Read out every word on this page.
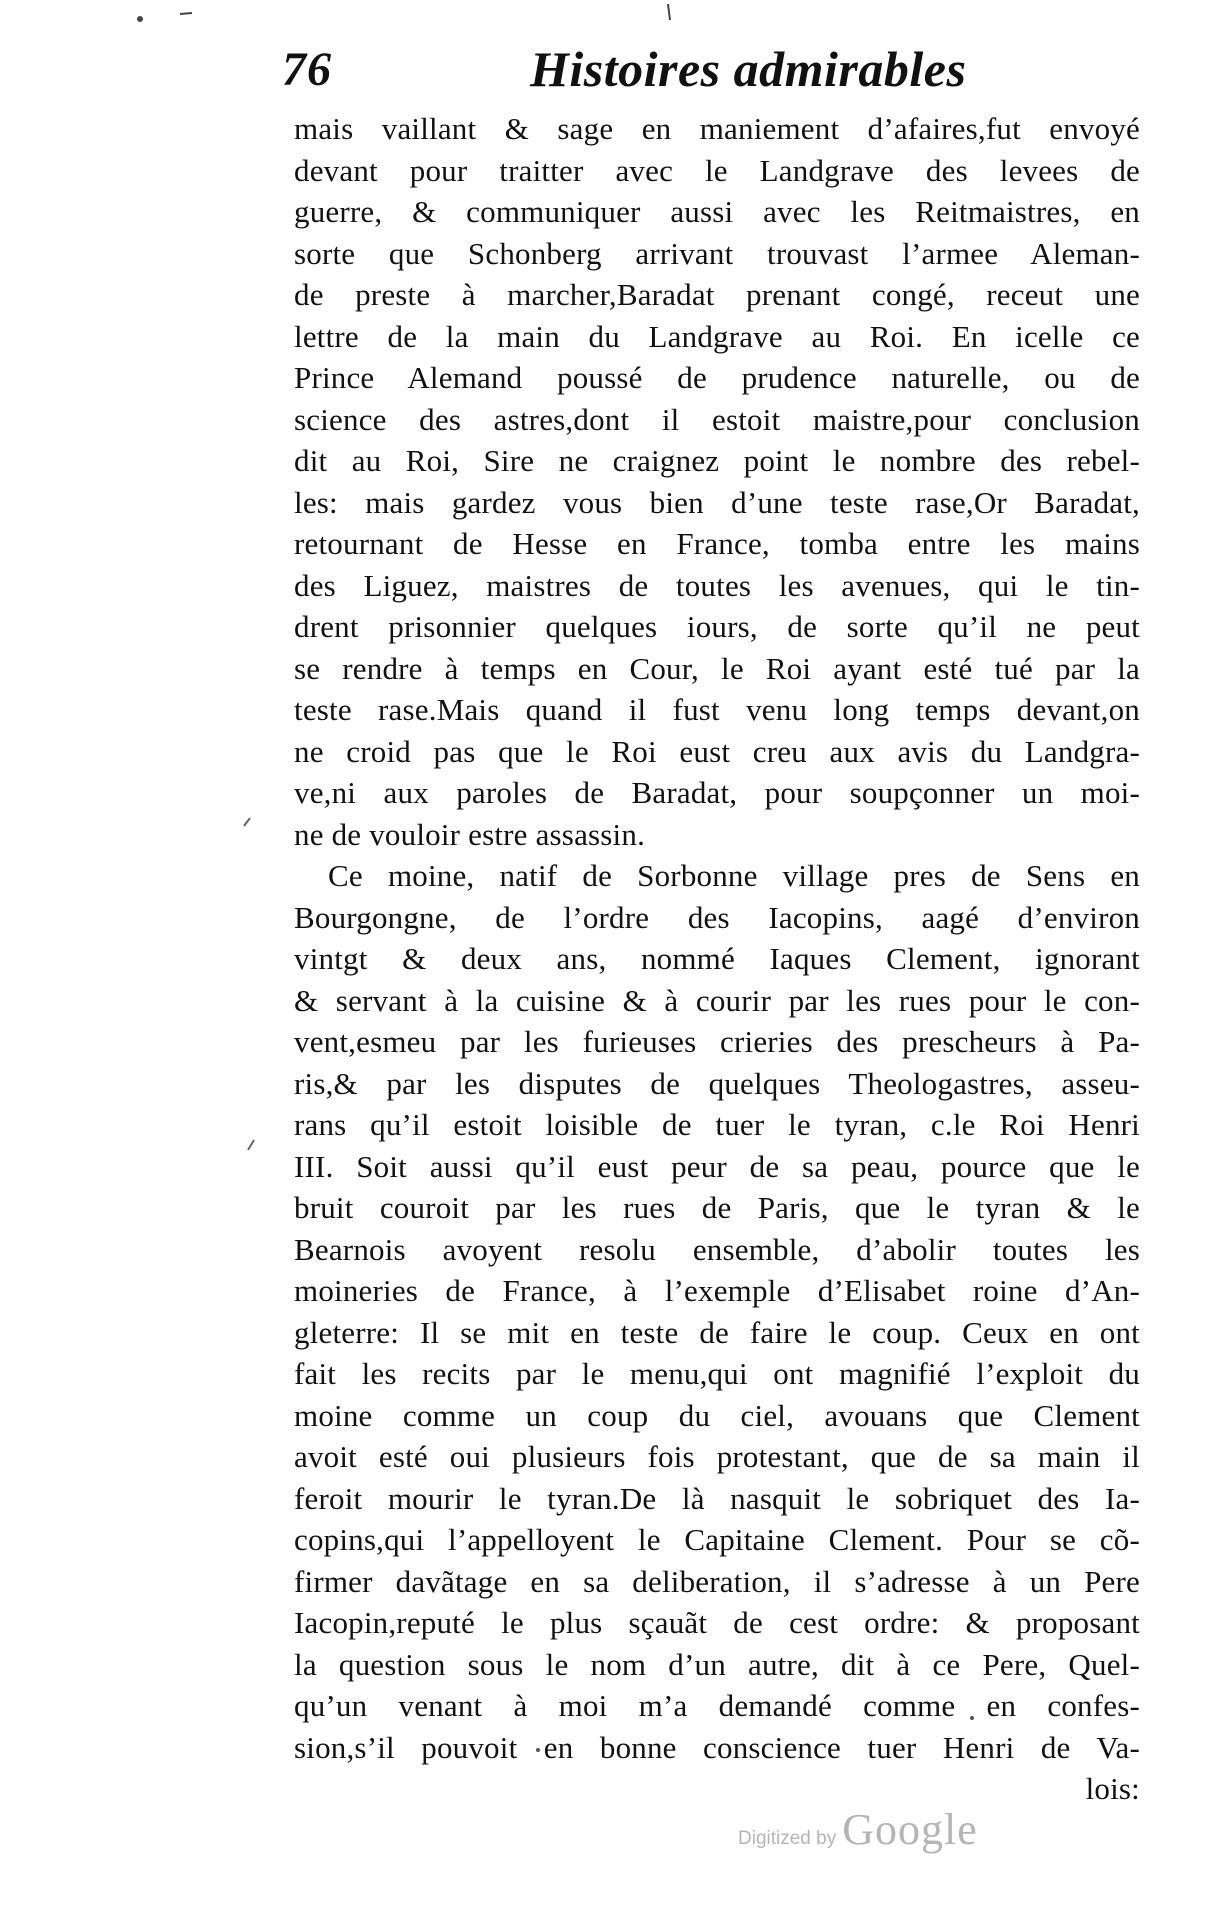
76	Histoires admirables
mais vaillant & sage en maniement d’afaires,fut envoyé
devant pour traitter avec le Landgrave des levees de
guerre, & communiquer aussi avec les Reitmaistres, en
sorte que Schonberg arrivant trouvast l’armee Aleman-
de preste à marcher,Baradat prenant congé, receut une
lettre de la main du Landgrave au Roi. En icelle ce
Prince Alemand poussé de prudence naturelle, ou de
science des astres,dont il estoit maistre,pour conclusion
dit au Roi, Sire ne craignez point le nombre des rebel-
les: mais gardez vous bien d’une teste rase,Or Baradat,
retournant de Hesse en France, tomba entre les mains
des Liguez, maistres de toutes les avenues, qui le tin-
drent prisonnier quelques iours, de sorte qu’il ne peut
se rendre à temps en Cour, le Roi ayant esté tué par la
teste rase.Mais quand il fust venu long temps devant,on
ne croid pas que le Roi eust creu aux avis du Landgra-
ve,ni aux paroles de Baradat, pour soupçonner un moi-
ne de vouloir estre assassin.
Ce moine, natif de Sorbonne village pres de Sens en
Bourgongne, de l’ordre des Iacopins, aagé d’environ
vintgt & deux ans, nommé Iaques Clement, ignorant
& servant à la cuisine & à courir par les rues pour le con-
vent,esmeu par les furieuses crieries des prescheurs à Pa-
ris,& par les disputes de quelques Theologastres, asseu-
rans qu’il estoit loisible de tuer le tyran, c.le Roi Henri
III. Soit aussi qu’il eust peur de sa peau, pource que le
bruit couroit par les rues de Paris, que le tyran & le
Bearnois avoyent resolu ensemble, d’abolir toutes les
moineries de France, à l’exemple d’Elisabet roine d’An-
gleterre: Il se mit en teste de faire le coup. Ceux en ont
fait les recits par le menu,qui ont magnifié l’exploit du
moine comme un coup du ciel, avouans que Clement
avoit esté oui plusieurs fois protestant, que de sa main il
feroit mourir le tyran.De là nasquit le sobriquet des Ia-
copins,qui l’appelloyent le Capitaine Clement. Pour se cõ-
firmer davãtage en sa deliberation, il s’adresse à un Pere
Iacopin,reputé le plus sçauãt de cest ordre: & proposant
la question sous le nom d’un autre, dit à ce Pere, Quel-
qu’un venant à moi m’a demandé comme en confes-
sion,s’il pouvoit en bonne conscience tuer Henri de Va-
lois:
Digitized by Google
